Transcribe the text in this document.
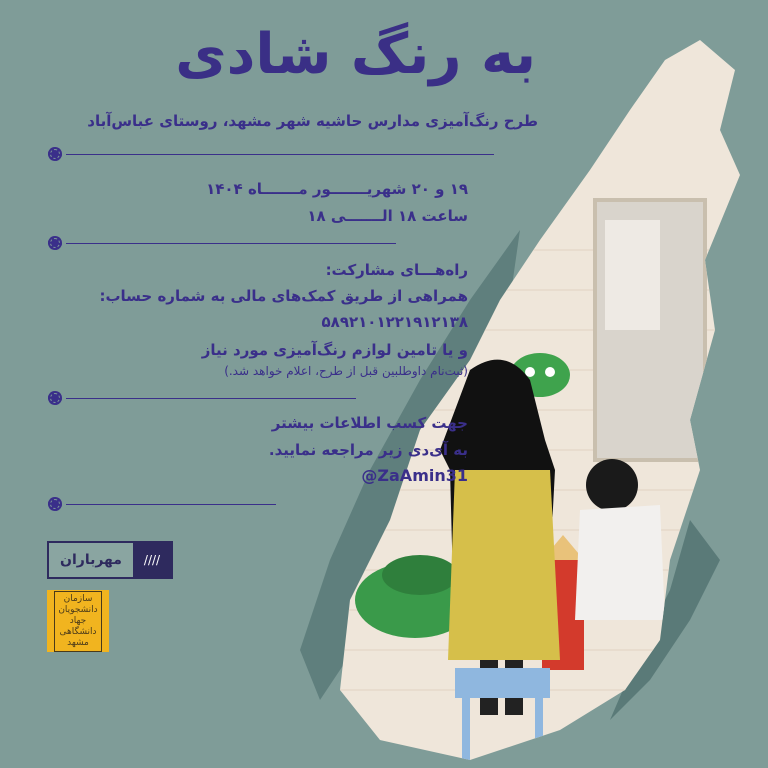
به رنگ شادی
طرح رنگ‌آمیزی مدارس حاشیه شهر مشهد، روستای عباس‌آباد
۱۹ و ۲۰ شهریـــــــور مـــــــاه ۱۴۰۴
ساعت ۱۸ الـــــــی ۱۸
راه‌هـــای مشارکت:
همراهی از طریق کمک‌های مالی به شماره حساب:
۵۸۹۲۱۰۱۲۲۱۹۱۲۱۳۸
و یا تامین لوازم رنگ‌آمیزی مورد نیاز
(ثبت‌نام داوطلبین قبل از طرح، اعلام خواهد شد.)
جهت کسب اطلاعات بیشتر
به آی‌دی زیر مراجعه نمایید.
@ZaAmin31
مهرباران	////
سازمان دانشجویان جهاد دانشگاهی مشهد
